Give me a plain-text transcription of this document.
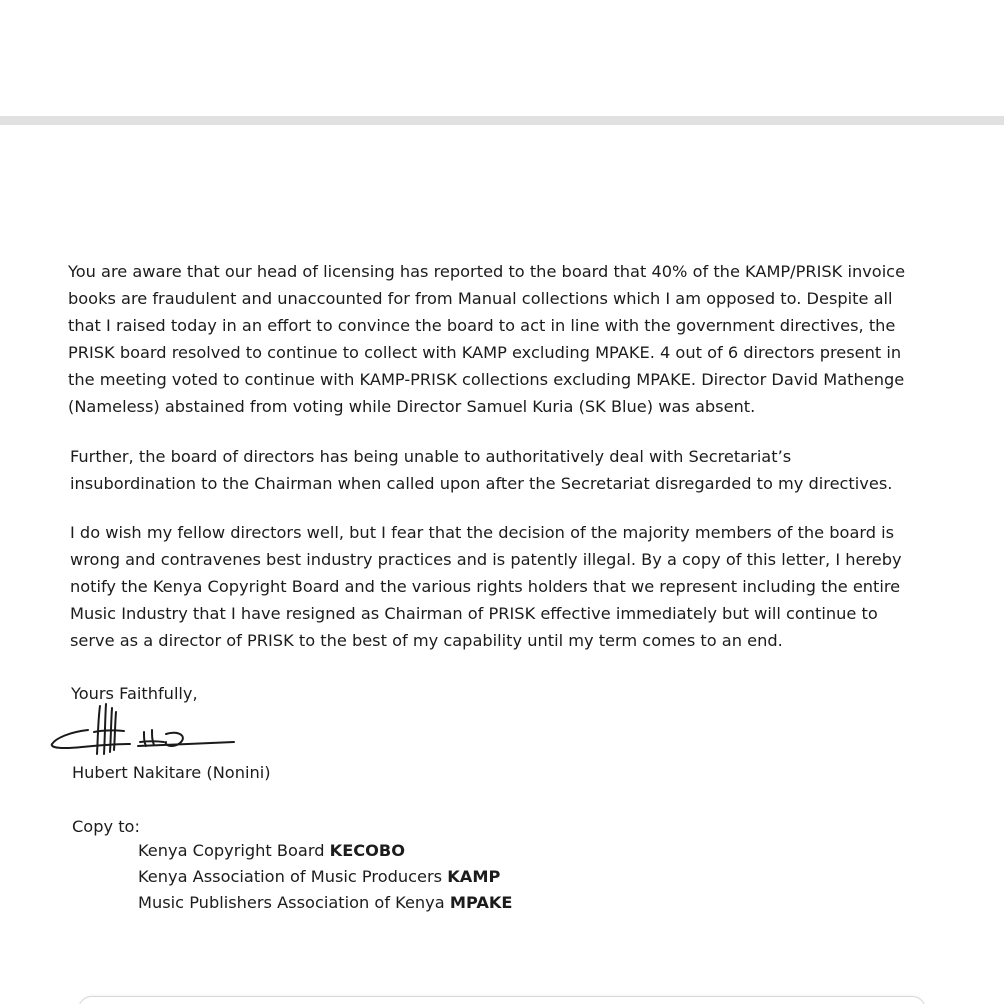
You are aware that our head of licensing has reported to the board that 40% of the KAMP/PRISK invoice
books are fraudulent and unaccounted for from Manual collections which I am opposed to. Despite all
that I raised today in an effort to convince the board to act in line with the government directives, the
PRISK board resolved to continue to collect with KAMP excluding MPAKE. 4 out of 6 directors present in
the meeting voted to continue with KAMP-PRISK collections excluding MPAKE. Director David Mathenge
(Nameless) abstained from voting while Director Samuel Kuria (SK Blue) was absent.

Further, the board of directors has being unable to authoritatively deal with Secretariat’s
insubordination to the Chairman when called upon after the Secretariat disregarded to my directives.

I do wish my fellow directors well, but I fear that the decision of the majority members of the board is
wrong and contravenes best industry practices and is patently illegal. By a copy of this letter, I hereby
notify the Kenya Copyright Board and the various rights holders that we represent including the entire
Music Industry that I have resigned as Chairman of PRISK effective immediately but will continue to
serve as a director of PRISK to the best of my capability until my term comes to an end.

Yours Faithfully,

Hubert Nakitare (Nonini)

Copy to:

Kenya Copyright Board KECOBO
Kenya Association of Music Producers KAMP
Music Publishers Association of Kenya MPAKE
